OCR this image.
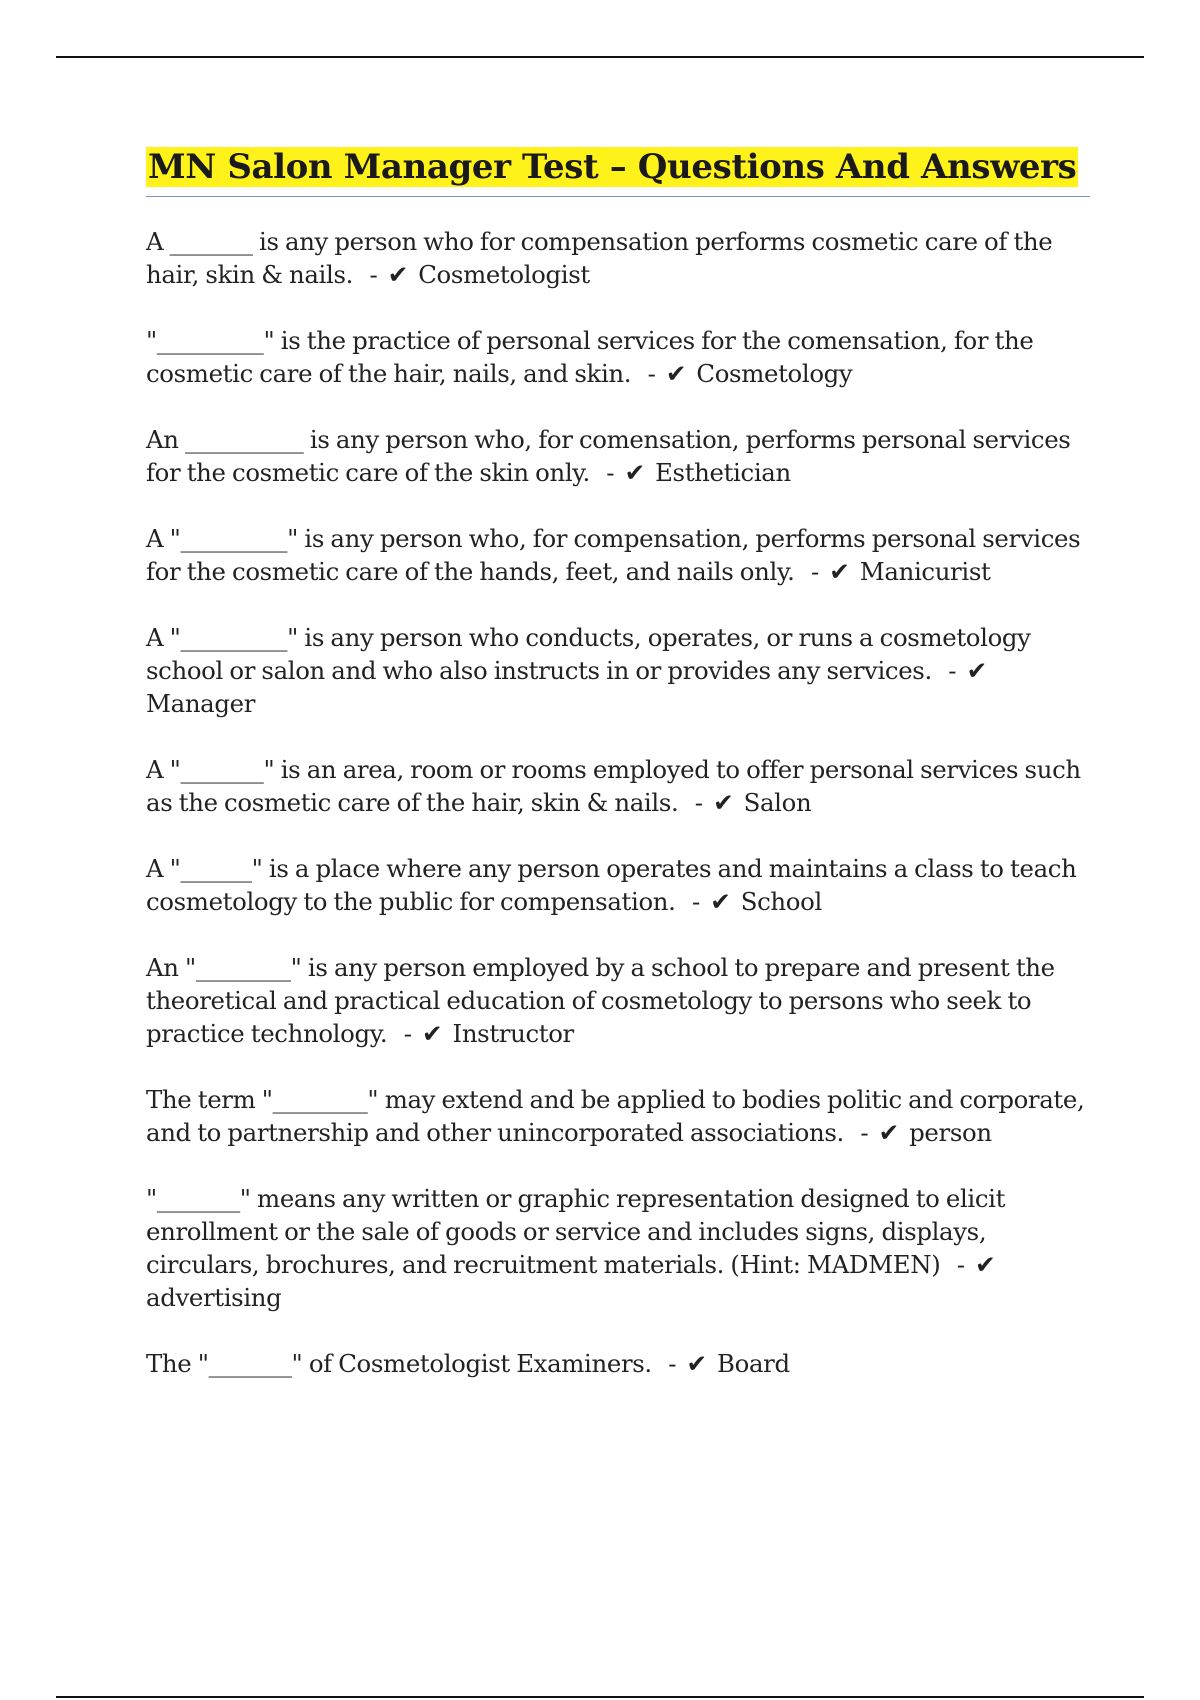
MN Salon Manager Test – Questions And Answers

A _______ is any person who for compensation performs cosmetic care of the hair, skin & nails. - ✔ Cosmetologist

"_________" is the practice of personal services for the comensation, for the cosmetic care of the hair, nails, and skin. - ✔ Cosmetology

An __________ is any person who, for comensation, performs personal services for the cosmetic care of the skin only. - ✔ Esthetician

A "_________" is any person who, for compensation, performs personal services for the cosmetic care of the hands, feet, and nails only. - ✔ Manicurist

A "_________" is any person who conducts, operates, or runs a cosmetology school or salon and who also instructs in or provides any services. - ✔ Manager

A "_______" is an area, room or rooms employed to offer personal services such as the cosmetic care of the hair, skin & nails. - ✔ Salon

A "______" is a place where any person operates and maintains a class to teach cosmetology to the public for compensation. - ✔ School

An "________" is any person employed by a school to prepare and present the theoretical and practical education of cosmetology to persons who seek to practice technology. - ✔ Instructor

The term "________" may extend and be applied to bodies politic and corporate, and to partnership and other unincorporated associations. - ✔ person

"_______" means any written or graphic representation designed to elicit enrollment or the sale of goods or service and includes signs, displays, circulars, brochures, and recruitment materials. (Hint: MADMEN) - ✔ advertising

The "_______" of Cosmetologist Examiners. - ✔ Board
